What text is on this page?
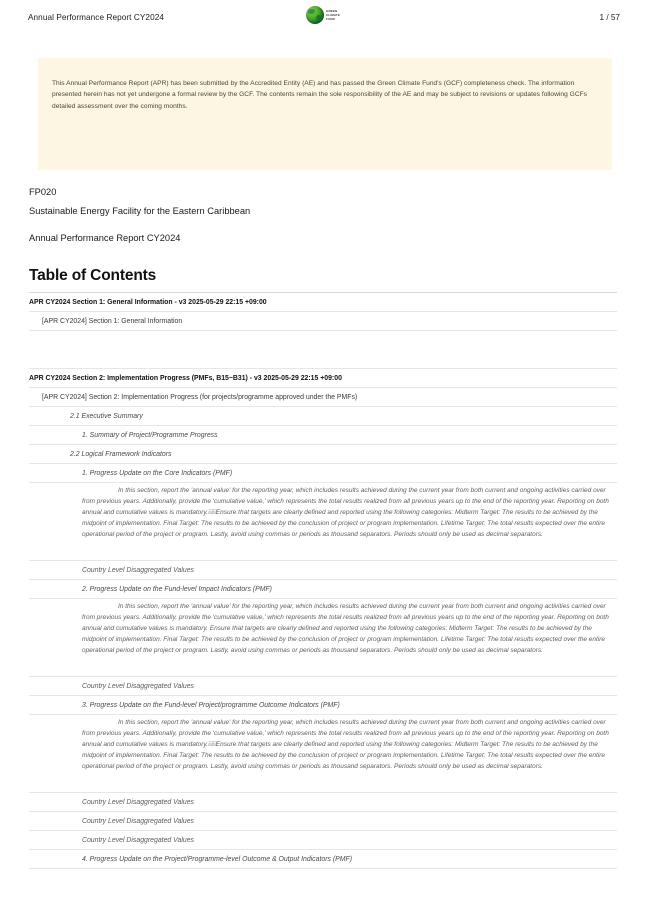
Annual Performance Report CY2024
GREEN
CLIMATE
FUND	1 / 57
This Annual Performance Report (APR) has been submitted by the Accredited Entity (AE) and has passed the Green Climate Fund's (GCF) completeness check. The information presented herein has not yet undergone a formal review by the GCF. The contents remain the sole responsibility of the AE and may be subject to revisions or updates following GCFs detailed assessment over the coming months.
FP020
Sustainable Energy Facility for the Eastern Caribbean
Annual Performance Report CY2024
Table of Contents
APR CY2024 Section 1: General Information - v3 2025-05-29 22:15 +09:00
[APR CY2024] Section 1: General Information
APR CY2024 Section 2: Implementation Progress (PMFs, B15~B31) - v3 2025-05-29 22:15 +09:00
[APR CY2024] Section 2: Implementation Progress (for projects/programme approved under the PMFs)
2.1 Executive Summary
1. Summary of Project/Programme Progress
2.2 Logical Framework Indicators
1. Progress Update on the Core Indicators (PMF)
In this section, report the 'annual value' for the reporting year, which includes results achieved during the current year from both current and ongoing activities carried over from previous years. Additionally, provide the 'cumulative value,' which represents the total results realized from all previous years up to the end of the reporting year. Reporting on both annual and cumulative values is mandatory.⌸⌸Ensure that targets are clearly defined and reported using the following categories: Midterm Target: The results to be achieved by the midpoint of implementation. Final Target: The results to be achieved by the conclusion of project or program implementation. Lifetime Target: The total results expected over the entire operational period of the project or program. Lastly, avoid using commas or periods as thousand separators. Periods should only be used as decimal separators.
Country Level Disaggregated Values
2. Progress Update on the Fund-level Impact Indicators (PMF)
In this section, report the 'annual value' for the reporting year, which includes results achieved during the current year from both current and ongoing activities carried over from previous years. Additionally, provide the 'cumulative value,' which represents the total results realized from all previous years up to the end of the reporting year. Reporting on both annual and cumulative values is mandatory. Ensure that targets are clearly defined and reported using the following categories: Midterm Target: The results to be achieved by the midpoint of implementation. Final Target: The results to be achieved by the conclusion of project or program implementation. Lifetime Target: The total results expected over the entire operational period of the project or program. Lastly, avoid using commas or periods as thousand separators. Periods should only be used as decimal separators.
Country Level Disaggregated Values
3. Progress Update on the Fund-level Project/programme Outcome Indicators (PMF)
In this section, report the 'annual value' for the reporting year, which includes results achieved during the current year from both current and ongoing activities carried over from previous years. Additionally, provide the 'cumulative value,' which represents the total results realized from all previous years up to the end of the reporting year. Reporting on both annual and cumulative values is mandatory.⌸⌸Ensure that targets are clearly defined and reported using the following categories: Midterm Target: The results to be achieved by the midpoint of implementation. Final Target: The results to be achieved by the conclusion of project or program implementation. Lifetime Target: The total results expected over the entire operational period of the project or program. Lastly, avoid using commas or periods as thousand separators. Periods should only be used as decimal separators.
Country Level Disaggregated Values
Country Level Disaggregated Values
Country Level Disaggregated Values
4. Progress Update on the Project/Programme-level Outcome & Output Indicators (PMF)
